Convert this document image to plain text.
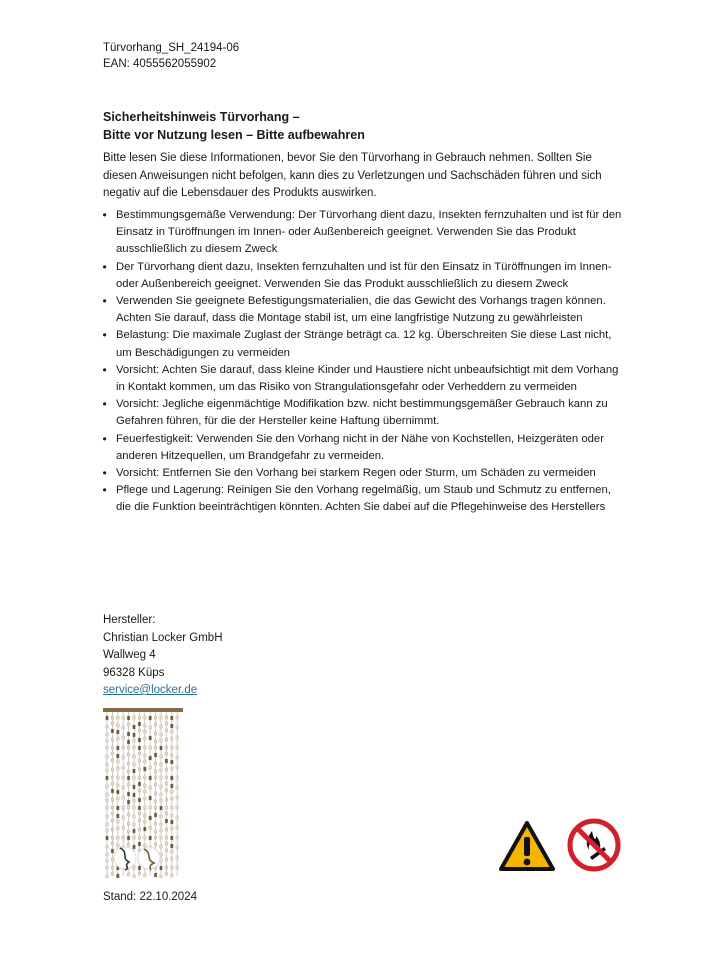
Türvorhang_SH_24194-06
EAN: 4055562055902
Sicherheitshinweis Türvorhang –
Bitte vor Nutzung lesen – Bitte aufbewahren
Bitte lesen Sie diese Informationen, bevor Sie den Türvorhang in Gebrauch nehmen. Sollten Sie diesen Anweisungen nicht befolgen, kann dies zu Verletzungen und Sachschäden führen und sich negativ auf die Lebensdauer des Produkts auswirken.
• Bestimmungsgemäße Verwendung: Der Türvorhang dient dazu, Insekten fernzuhalten und ist für den Einsatz in Türöffnungen im Innen- oder Außenbereich geeignet. Verwenden Sie das Produkt ausschließlich zu diesem Zweck
• Der Türvorhang dient dazu, Insekten fernzuhalten und ist für den Einsatz in Türöffnungen im Innen- oder Außenbereich geeignet. Verwenden Sie das Produkt ausschließlich zu diesem Zweck
• Verwenden Sie geeignete Befestigungsmaterialien, die das Gewicht des Vorhangs tragen können. Achten Sie darauf, dass die Montage stabil ist, um eine langfristige Nutzung zu gewährleisten
• Belastung: Die maximale Zuglast der Stränge beträgt ca. 12 kg. Überschreiten Sie diese Last nicht, um Beschädigungen zu vermeiden
• Vorsicht: Achten Sie darauf, dass kleine Kinder und Haustiere nicht unbeaufsichtigt mit dem Vorhang in Kontakt kommen, um das Risiko von Strangulationsgefahr oder Verheddern zu vermeiden
• Vorsicht: Jegliche eigenmächtige Modifikation bzw. nicht bestimmungsgemäßer Gebrauch kann zu Gefahren führen, für die der Hersteller keine Haftung übernimmt.
• Feuerfestigkeit: Verwenden Sie den Vorhang nicht in der Nähe von Kochstellen, Heizgeräten oder anderen Hitzequellen, um Brandgefahr zu vermeiden.
• Vorsicht: Entfernen Sie den Vorhang bei starkem Regen oder Sturm, um Schäden zu vermeiden
• Pflege und Lagerung: Reinigen Sie den Vorhang regelmäßig, um Staub und Schmutz zu entfernen, die die Funktion beeinträchtigen könnten. Achten Sie dabei auf die Pflegehinweise des Herstellers
Hersteller:
Christian Locker GmbH
Wallweg 4
96328 Küps
service@locker.de
Stand: 22.10.2024
